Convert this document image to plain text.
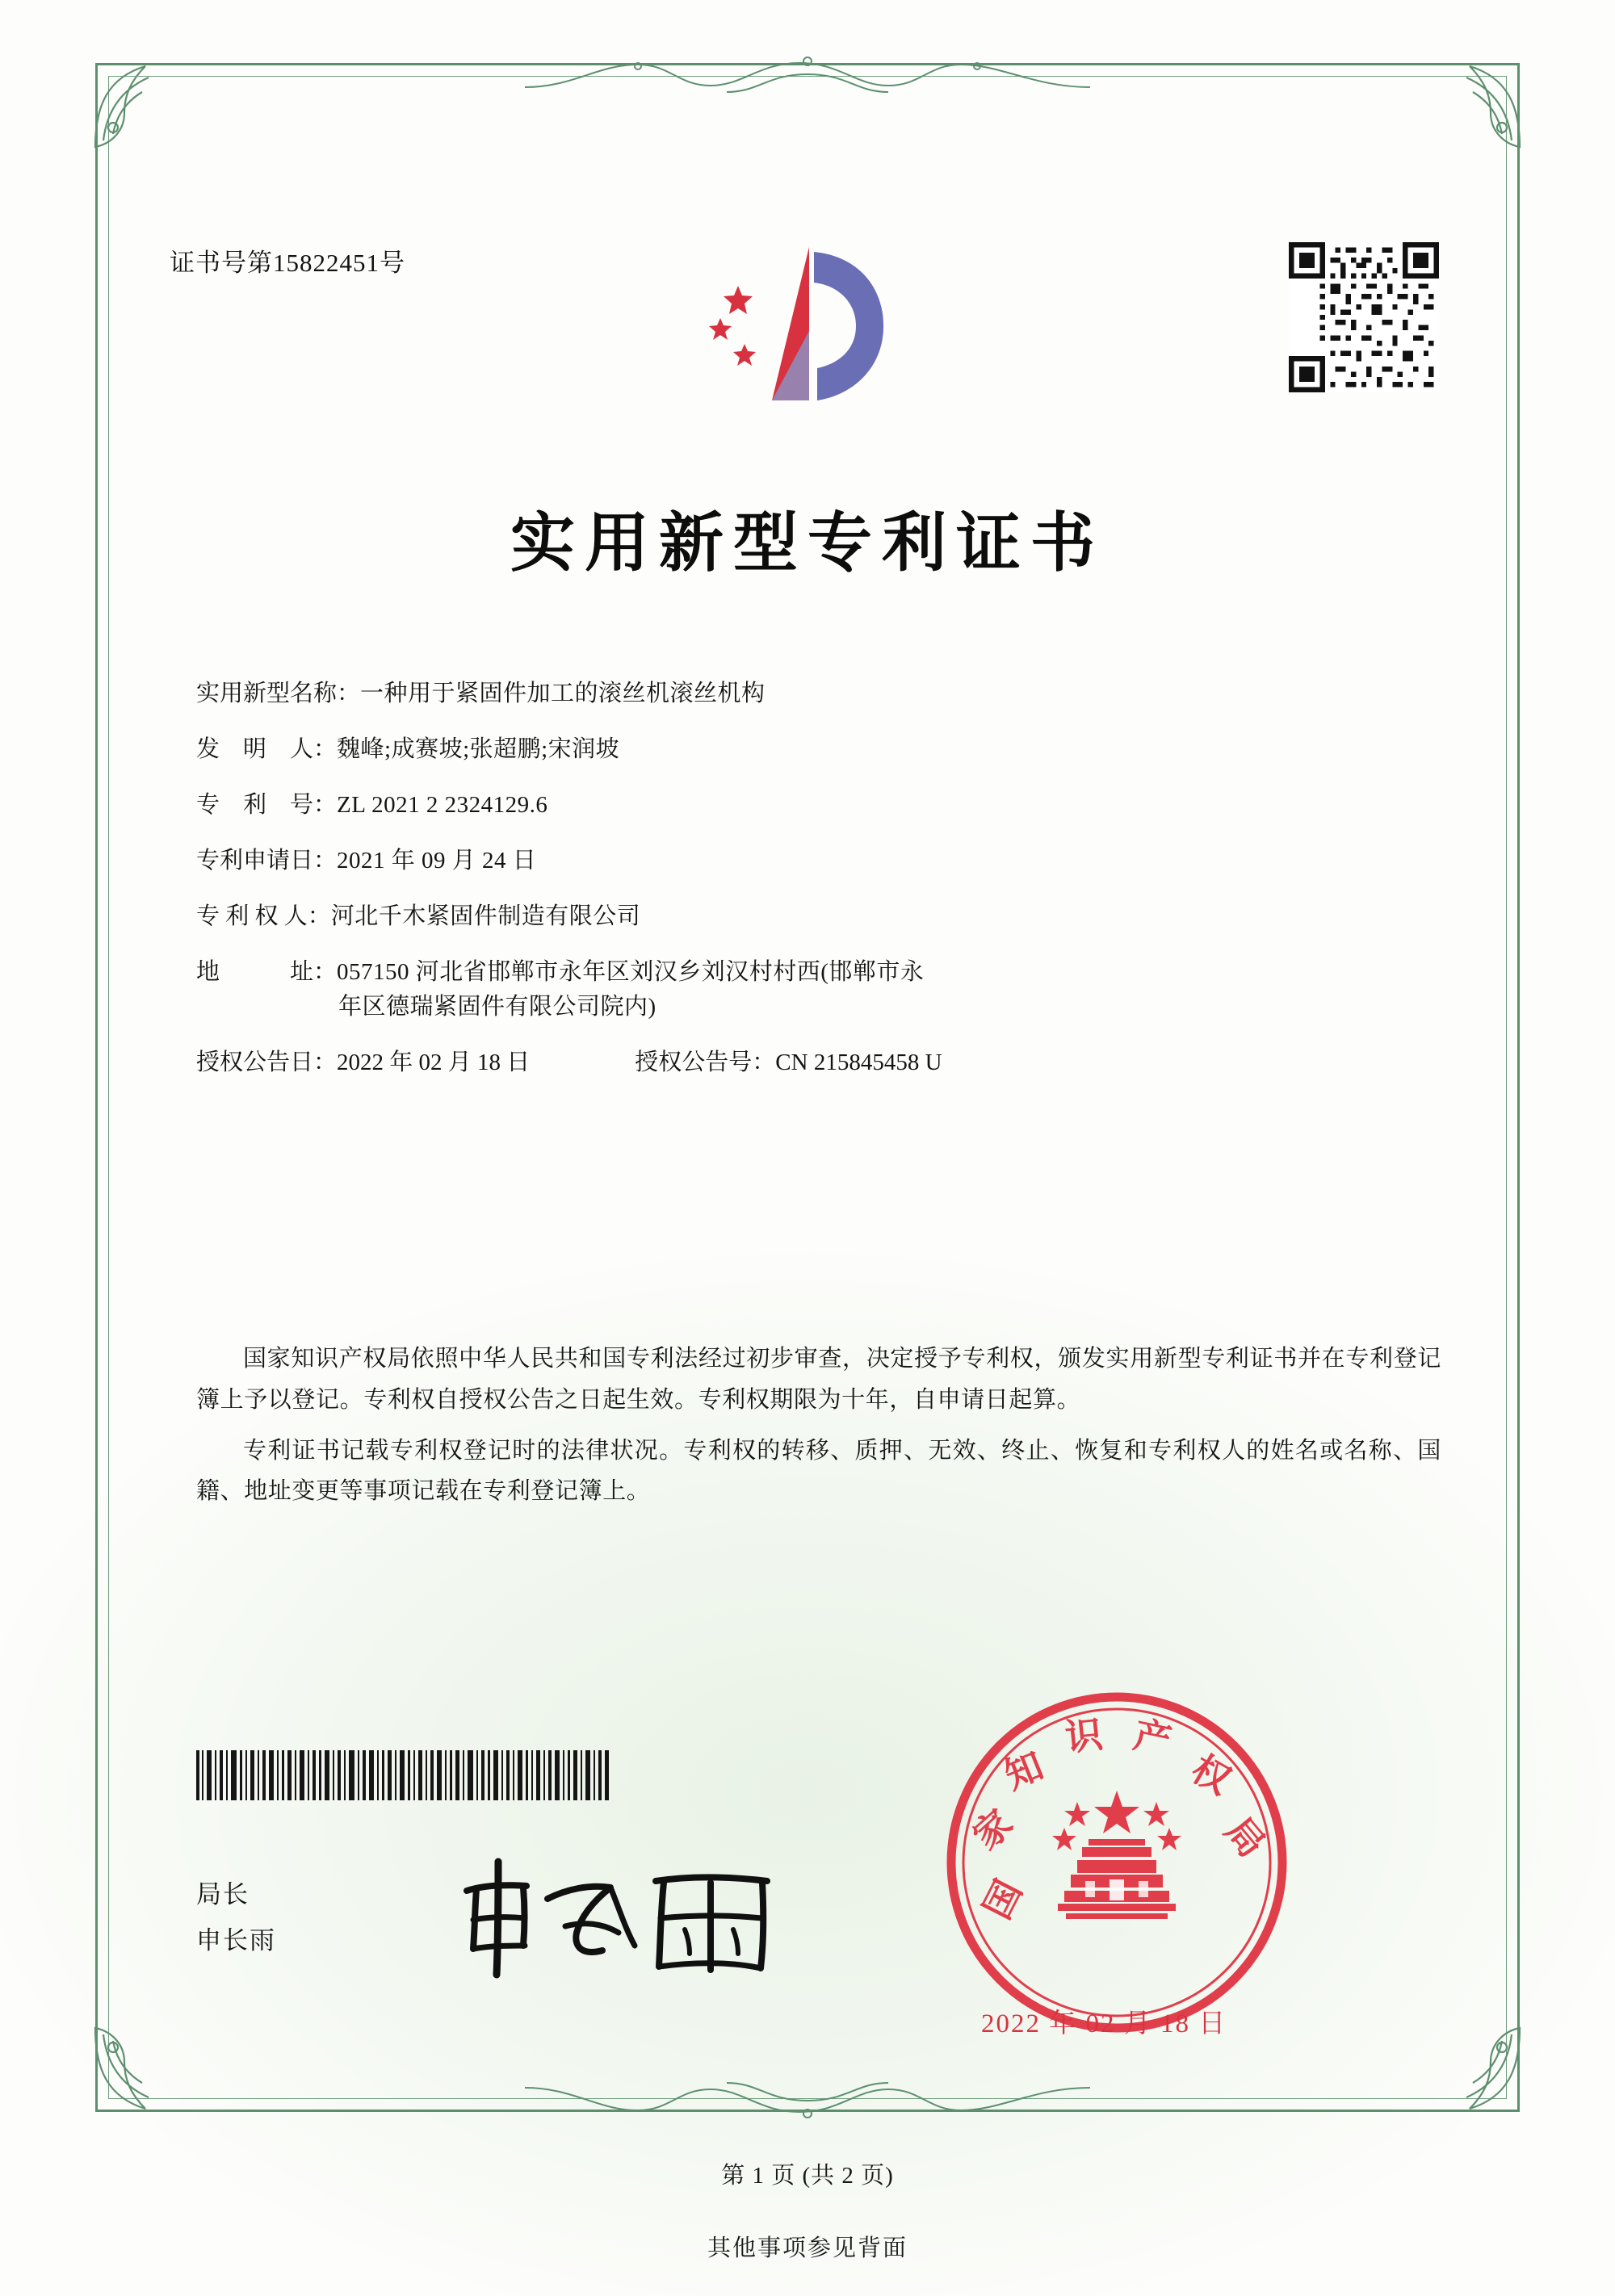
证书号第15822451号
实用新型专利证书
实用新型名称： 一种用于紧固件加工的滚丝机滚丝机构
发　明　人： 魏峰;成赛坡;张超鹏;宋润坡
专　利　号： ZL 2021 2 2324129.6
专利申请日： 2021 年 09 月 24 日
专 利 权 人： 河北千木紧固件制造有限公司
地　　　址： 057150 河北省邯郸市永年区刘汉乡刘汉村村西(邯郸市永
年区德瑞紧固件有限公司院内)
授权公告日： 2022 年 02 月 18 日	授权公告号： CN 215845458 U

国家知识产权局依照中华人民共和国专利法经过初步审查，决定授予专利权，颁发实用新型专利证书并在专利登记簿上予以登记。专利权自授权公告之日起生效。专利权期限为十年，自申请日起算。

专利证书记载专利权登记时的法律状况。专利权的转移、质押、无效、终止、恢复和专利权人的姓名或名称、国籍、地址变更等事项记载在专利登记簿上。

局长
申长雨
国
家
知
识 产
权
局
2022 年 02 月 18 日
第 1 页 (共 2 页)
其他事项参见背面
